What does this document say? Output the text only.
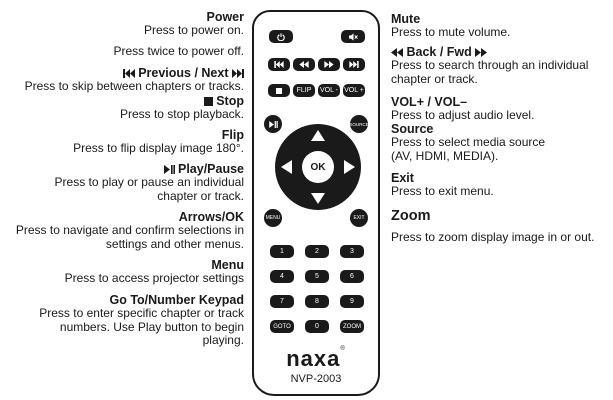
Power
Press to power on.
Press twice to power off.
Previous / Next
Press to skip between chapters or tracks.
Stop
Press to stop playback.
Flip
Press to flip display image 180°.
Play/Pause
Press to play or pause an individual
chapter or track.
Arrows/OK
Press to navigate and confirm selections in
settings and other menus.
Menu
Press to access projector settings
Go To/Number Keypad
Press to enter specific chapter or track
numbers. Use Play button to begin
playing.
Mute
Press to mute volume.
Back / Fwd
Press to search through an individual
chapter or track.
VOL+ / VOL–
Press to adjust audio level.
Source
Press to select media source
(AV, HDMI, MEDIA).
Exit
Press to exit menu.
Zoom
Press to zoom display image in or out.
FLIP	VOL - VOL +
SOURCE
OK
MENU	EXIT
1	2	3
4	5	6
7	8	9
GOTO	0	ZOOM
naxa®
NVP-2003
